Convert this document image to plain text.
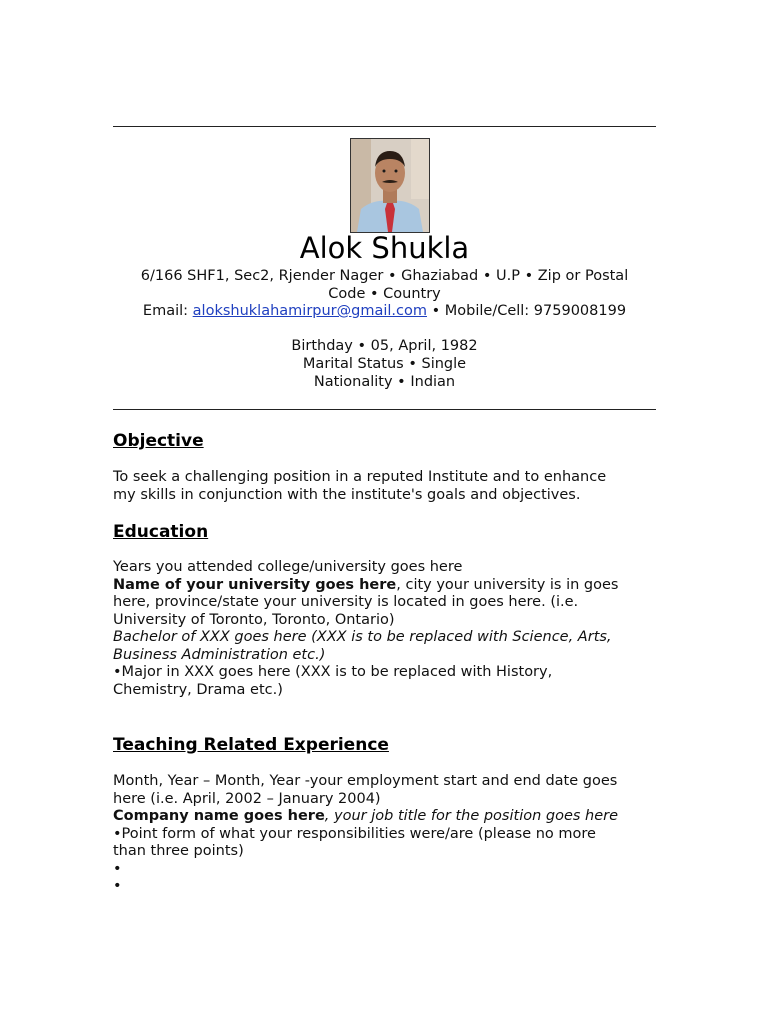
Alok Shukla
6/166 SHF1, Sec2, Rjender Nager • Ghaziabad • U.P • Zip or Postal
Code • Country
Email: alokshuklahamirpur@gmail.com • Mobile/Cell: 9759008199
Birthday • 05, April, 1982
Marital Status • Single
Nationality • Indian
Objective
To seek a challenging position in a reputed Institute and to enhance
my skills in conjunction with the institute's goals and objectives.
Education
Years you attended college/university goes here
Name of your university goes here, city your university is in goes
here, province/state your university is located in goes here. (i.e.
University of Toronto, Toronto, Ontario)
Bachelor of XXX goes here (XXX is to be replaced with Science, Arts,
Business Administration etc.)
•Major in XXX goes here (XXX is to be replaced with History,
Chemistry, Drama etc.)
Teaching Related Experience
Month, Year – Month, Year -your employment start and end date goes
here (i.e. April, 2002 – January 2004)
Company name goes here, your job title for the position goes here
•Point form of what your responsibilities were/are (please no more
than three points)
•
•
